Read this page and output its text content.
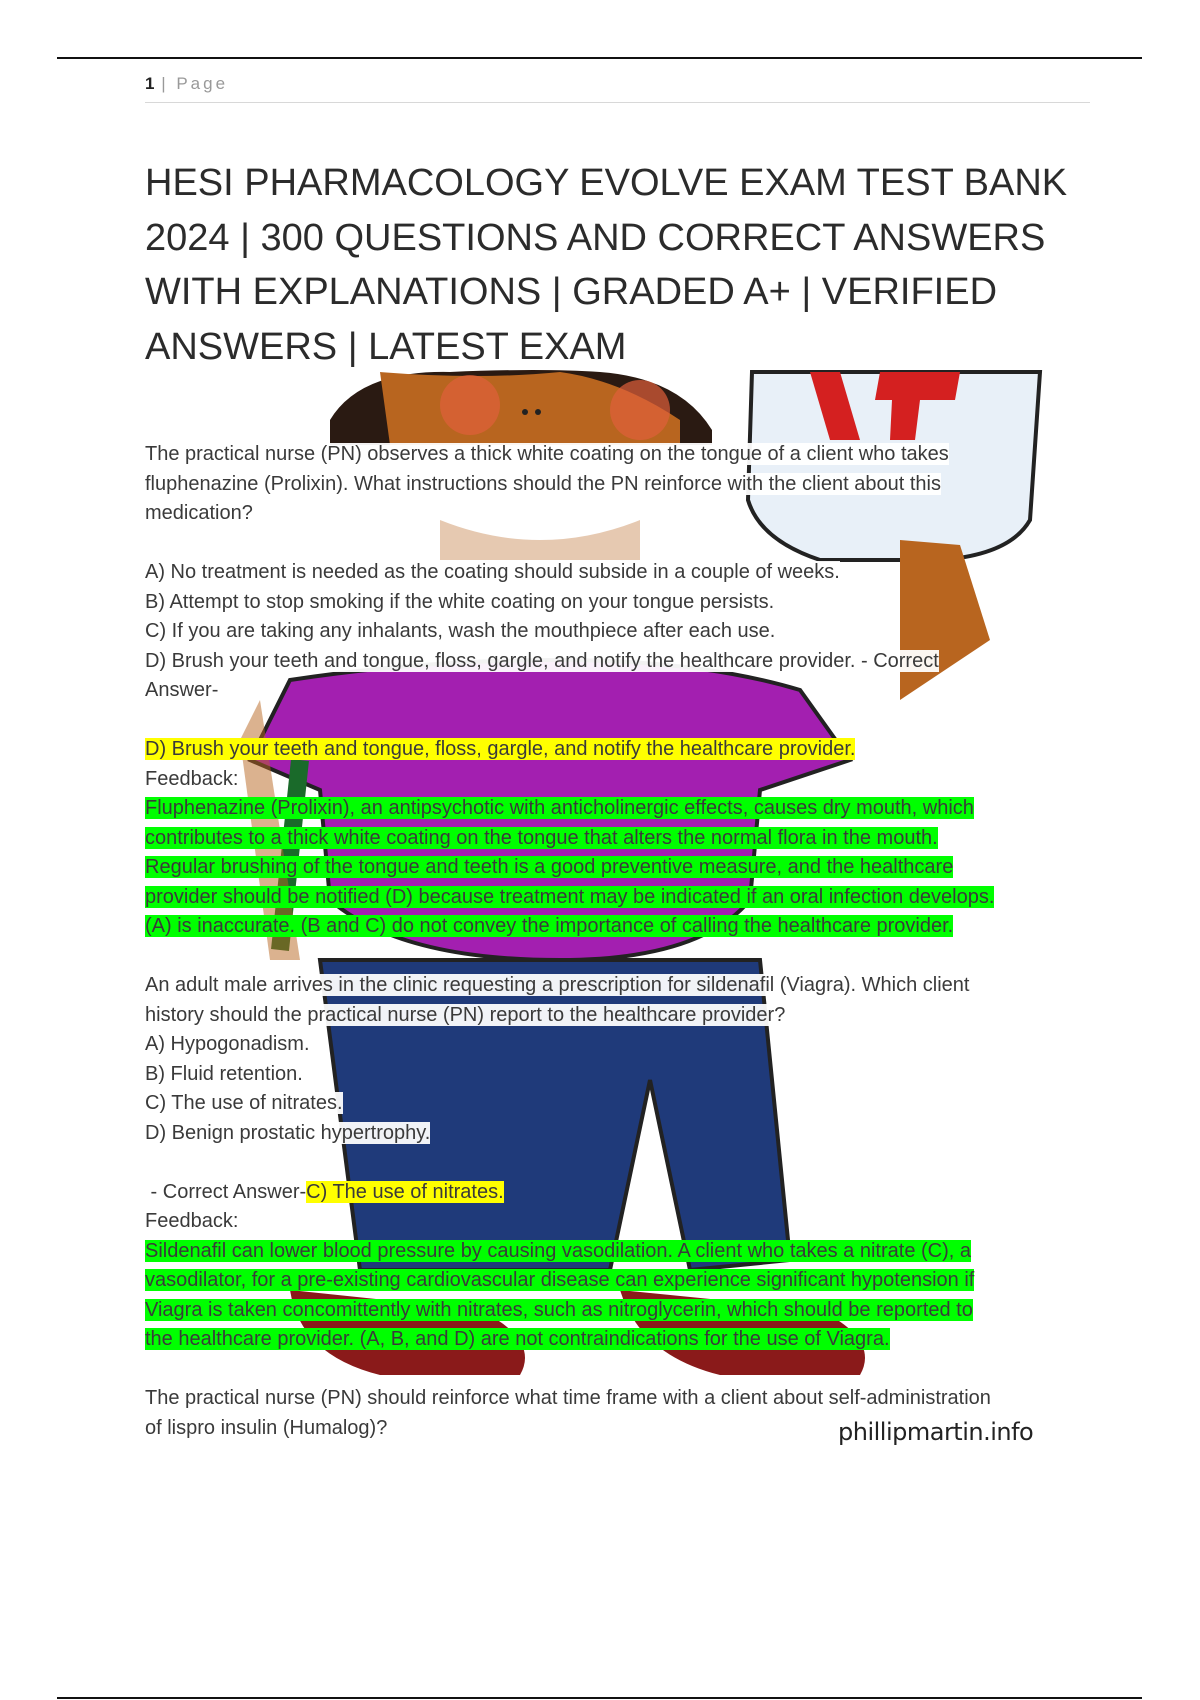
1 | Page
HESI PHARMACOLOGY EVOLVE EXAM TEST BANK 2024 | 300 QUESTIONS AND CORRECT ANSWERS WITH EXPLANATIONS | GRADED A+ | VERIFIED ANSWERS | LATEST EXAM
The practical nurse (PN) observes a thick white coating on the tongue of a client who takes
fluphenazine (Prolixin). What instructions should the PN reinforce with the client about this
medication?
A) No treatment is needed as the coating should subside in a couple of weeks.
B) Attempt to stop smoking if the white coating on your tongue persists.
C) If you are taking any inhalants, wash the mouthpiece after each use.
D) Brush your teeth and tongue, floss, gargle, and notify the healthcare provider. - Correct
Answer-
D) Brush your teeth and tongue, floss, gargle, and notify the healthcare provider.
Feedback:
Fluphenazine (Prolixin), an antipsychotic with anticholinergic effects, causes dry mouth, which
contributes to a thick white coating on the tongue that alters the normal flora in the mouth.
Regular brushing of the tongue and teeth is a good preventive measure, and the healthcare
provider should be notified (D) because treatment may be indicated if an oral infection develops.
(A) is inaccurate. (B and C) do not convey the importance of calling the healthcare provider.
An adult male arrives in the clinic requesting a prescription for sildenafil (Viagra). Which client
history should the practical nurse (PN) report to the healthcare provider?
A) Hypogonadism.
B) Fluid retention.
C) The use of nitrates.
D) Benign prostatic hypertrophy.
- Correct Answer-C) The use of nitrates.
Feedback:
Sildenafil can lower blood pressure by causing vasodilation. A client who takes a nitrate (C), a
vasodilator, for a pre-existing cardiovascular disease can experience significant hypotension if
Viagra is taken concomittently with nitrates, such as nitroglycerin, which should be reported to
the healthcare provider. (A, B, and D) are not contraindications for the use of Viagra.
The practical nurse (PN) should reinforce what time frame with a client about self-administration
of lispro insulin (Humalog)?	phillipmartin.info
